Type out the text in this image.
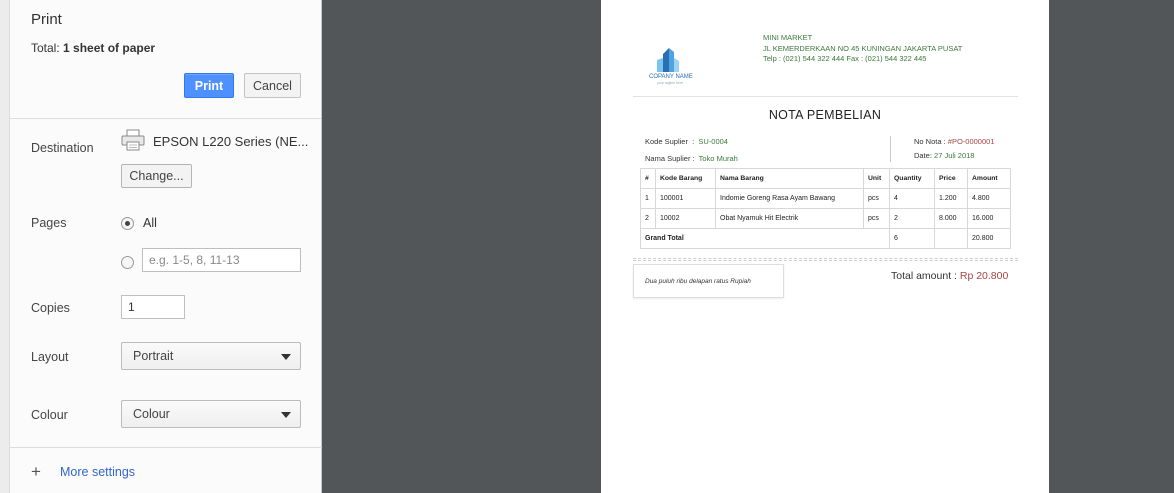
Print
Total: 1 sheet of paper
Print	Cancel
Destination	EPSON L220 Series (NE...
Change...
Pages	All
e.g. 1-5, 8, 11-13
Copies	1
Layout	Portrait
Colour	Colour
+ More settings
COPANY NAME
your tagline here
MINI MARKET
JL KEMERDERKAAN NO 45 KUNINGAN JAKARTA PUSAT
Telp : (021) 544 322 444 Fax : (021) 544 322 445
NOTA PEMBELIAN
Kode Suplier  :  SU-0004
Nama Suplier :  Toko Murah
No Nota : #PO-0000001
Date: 27 Juli 2018
#	Kode Barang	Nama Barang	Unit	Quantity	Price	Amount
1	100001	Indomie Goreng Rasa Ayam Bawang	pcs	4	1.200	4.800
2	10002	Obat Nyamuk Hit Electrik	pcs	2	8.000	16.000
Grand Total				6		20.800
Dua puluh ribu delapan ratus Rupiah	Total amount : Rp 20.800
